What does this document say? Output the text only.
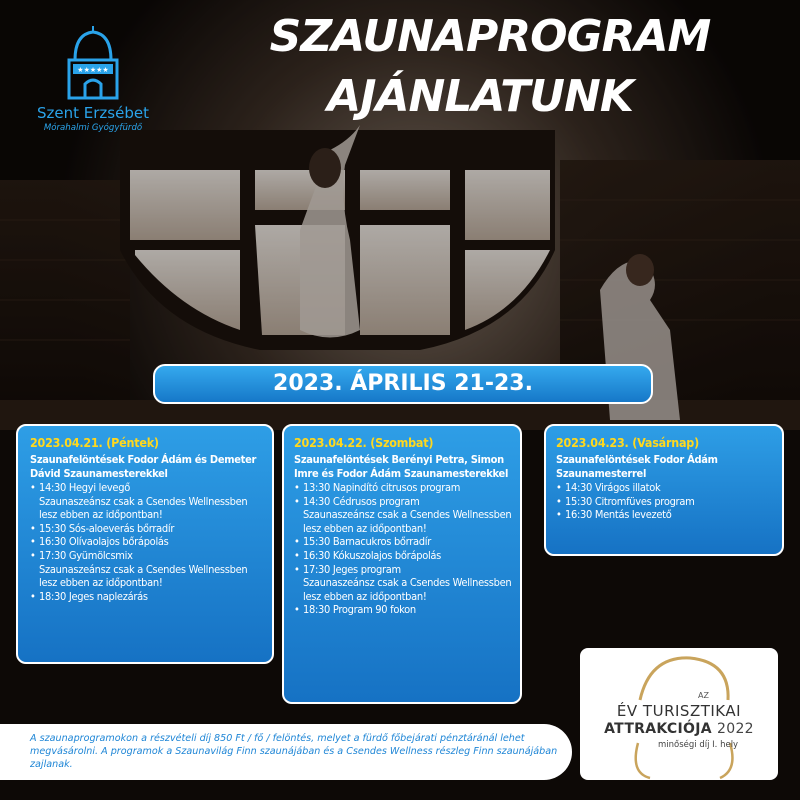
★★★★★
Szent Erzsébet
Mórahalmi Gyógyfürdő
SZAUNAPROGRAM
AJÁNLATUNK
2023. ÁPRILIS 21-23.
2023.04.21. (Péntek)
Szaunafelöntések Fodor Ádám és Demeter Dávid Szaunamesterekkel
• 14:30 Hegyi levegő
Szaunaszeánsz csak a Csendes Wellnessben lesz ebben az időpontban!
• 15:30 Sós-aloeverás bőrradír
• 16:30 Olívaolajos bőrápolás
• 17:30 Gyümölcsmix
Szaunaszeánsz csak a Csendes Wellnessben lesz ebben az időpontban!
• 18:30 Jeges naplezárás
2023.04.22. (Szombat)
Szaunafelöntések Berényi Petra, Simon Imre és Fodor Ádám Szaunamesterekkel
• 13:30 Napindító citrusos program
• 14:30 Cédrusos program
Szaunaszeánsz csak a Csendes Wellnessben lesz ebben az időpontban!
• 15:30 Barnacukros bőrradír
• 16:30 Kókuszolajos bőrápolás
• 17:30 Jeges program
Szaunaszeánsz csak a Csendes Wellnessben lesz ebben az időpontban!
• 18:30 Program 90 fokon
2023.04.23. (Vasárnap)
Szaunafelöntések Fodor Ádám Szaunamesterrel
• 14:30 Virágos illatok
• 15:30 Citromfüves program
• 16:30 Mentás levezető
A szaunaprogramokon a részvételi díj 850 Ft / fő / felöntés, melyet a fürdő főbejárati pénztáránál lehet megvásárolni. A programok a Szaunavilág Finn szaunájában és a Csendes Wellness részleg Finn szaunájában zajlanak.
AZ
ÉV TURISZTIKAI
ATTRAKCIÓJA 2022
minőségi díj I. hely
